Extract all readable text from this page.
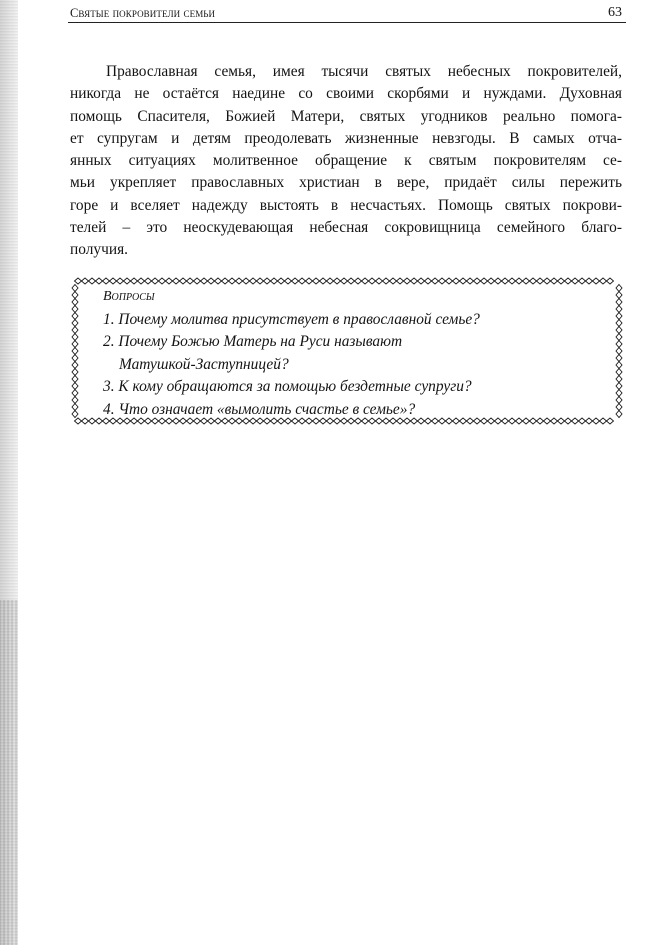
Святые покровители семьи	63
Православная семья, имея тысячи святых небесных покровителей,
никогда не остаётся наедине со своими скорбями и нуждами. Духовная
помощь Спасителя, Божией Матери, святых угодников реально помога-
ет супругам и детям преодолевать жизненные невзгоды. В самых отча-
янных ситуациях молитвенное обращение к святым покровителям се-
мьи укрепляет православных христиан в вере, придаёт силы пережить
горе и вселяет надежду выстоять в несчастьях. Помощь святых покрови-
телей – это неоскудевающая небесная сокровищница семейного благо-
получия.
Вопросы
1. Почему молитва присутствует в православной семье?
2. Почему Божью Матерь на Руси называют
Матушкой-Заступницей?
3. К кому обращаются за помощью бездетные супруги?
4. Что означает «вымолить счастье в семье»?
